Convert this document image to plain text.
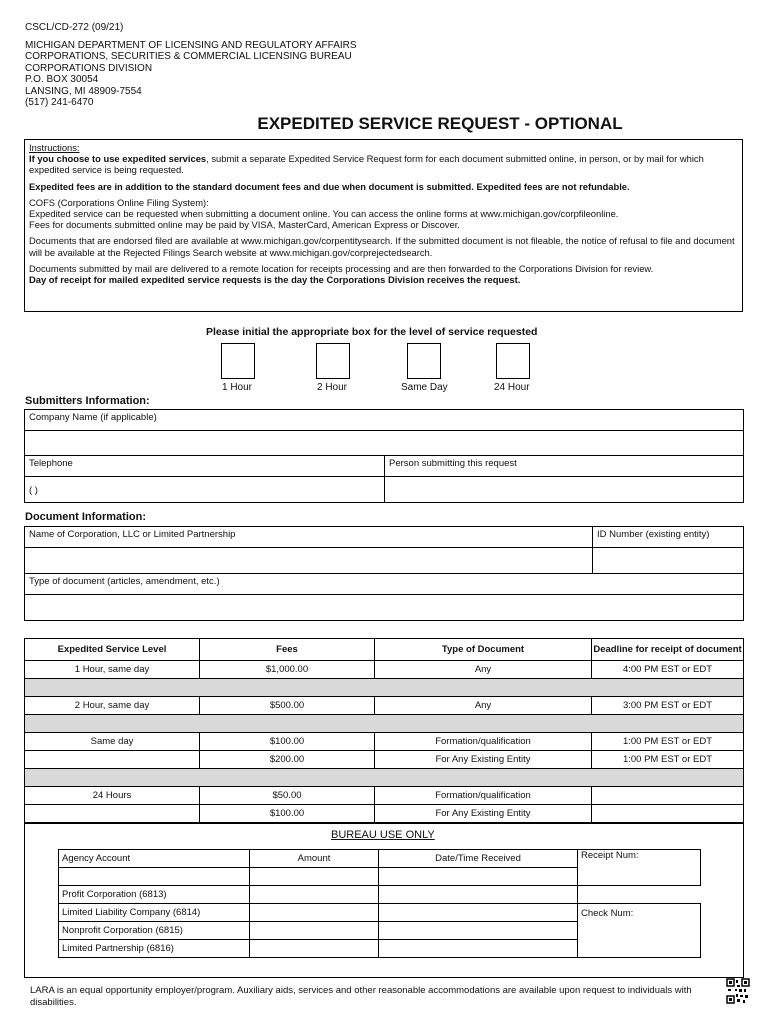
CSCL/CD-272 (09/21)
MICHIGAN DEPARTMENT OF LICENSING AND REGULATORY AFFAIRS
CORPORATIONS, SECURITIES & COMMERCIAL LICENSING BUREAU
CORPORATIONS DIVISION
P.O. BOX 30054
LANSING, MI 48909-7554
(517) 241-6470
EXPEDITED SERVICE REQUEST - OPTIONAL
Instructions:

If you choose to use expedited services, submit a separate Expedited Service Request form for each document submitted online, in person, or by mail for which expedited service is being requested.

Expedited fees are in addition to the standard document fees and due when document is submitted. Expedited fees are not refundable.

COFS (Corporations Online Filing System):
Expedited service can be requested when submitting a document online. You can access the online forms at www.michigan.gov/corpfileonline.
Fees for documents submitted online may be paid by VISA, MasterCard, American Express or Discover.

Documents that are endorsed filed are available at www.michigan.gov/corpentitysearch. If the submitted document is not fileable, the notice of refusal to file and document will be available at the Rejected Filings Search website at www.michigan.gov/corprejectedsearch.

Documents submitted by mail are delivered to a remote location for receipts processing and are then forwarded to the Corporations Division for review.
Day of receipt for mailed expedited service requests is the day the Corporations Division receives the request.

Please initial the appropriate box for the level of service requested
1 Hour	2 Hour	Same Day	24 Hour
Submitters Information:
Company Name (if applicable)
Telephone	Person submitting this request
( )
Document Information:
Name of Corporation, LLC or Limited Partnership	ID Number (existing entity)
Type of document (articles, amendment, etc.)
Expedited Service Level	Fees	Type of Document	Deadline for receipt of document
1 Hour, same day	$1,000.00	Any	4:00 PM EST or EDT

2 Hour, same day	$500.00	Any	3:00 PM EST or EDT

Same day	$100.00	Formation/qualification	1:00 PM EST or EDT
	$200.00	For Any Existing Entity	1:00 PM EST or EDT

24 Hours	$50.00	Formation/qualification	
	$100.00	For Any Existing Entity	
BUREAU USE ONLY
Agency Account	Amount	Date/Time Received	Receipt Num:

Profit Corporation (6813)			
Limited Liability Company (6814)			Check Num:
Nonprofit Corporation (6815)			
Limited Partnership (6816)			
LARA is an equal opportunity employer/program. Auxiliary aids, services and other reasonable accommodations are available upon request to individuals with disabilities.
